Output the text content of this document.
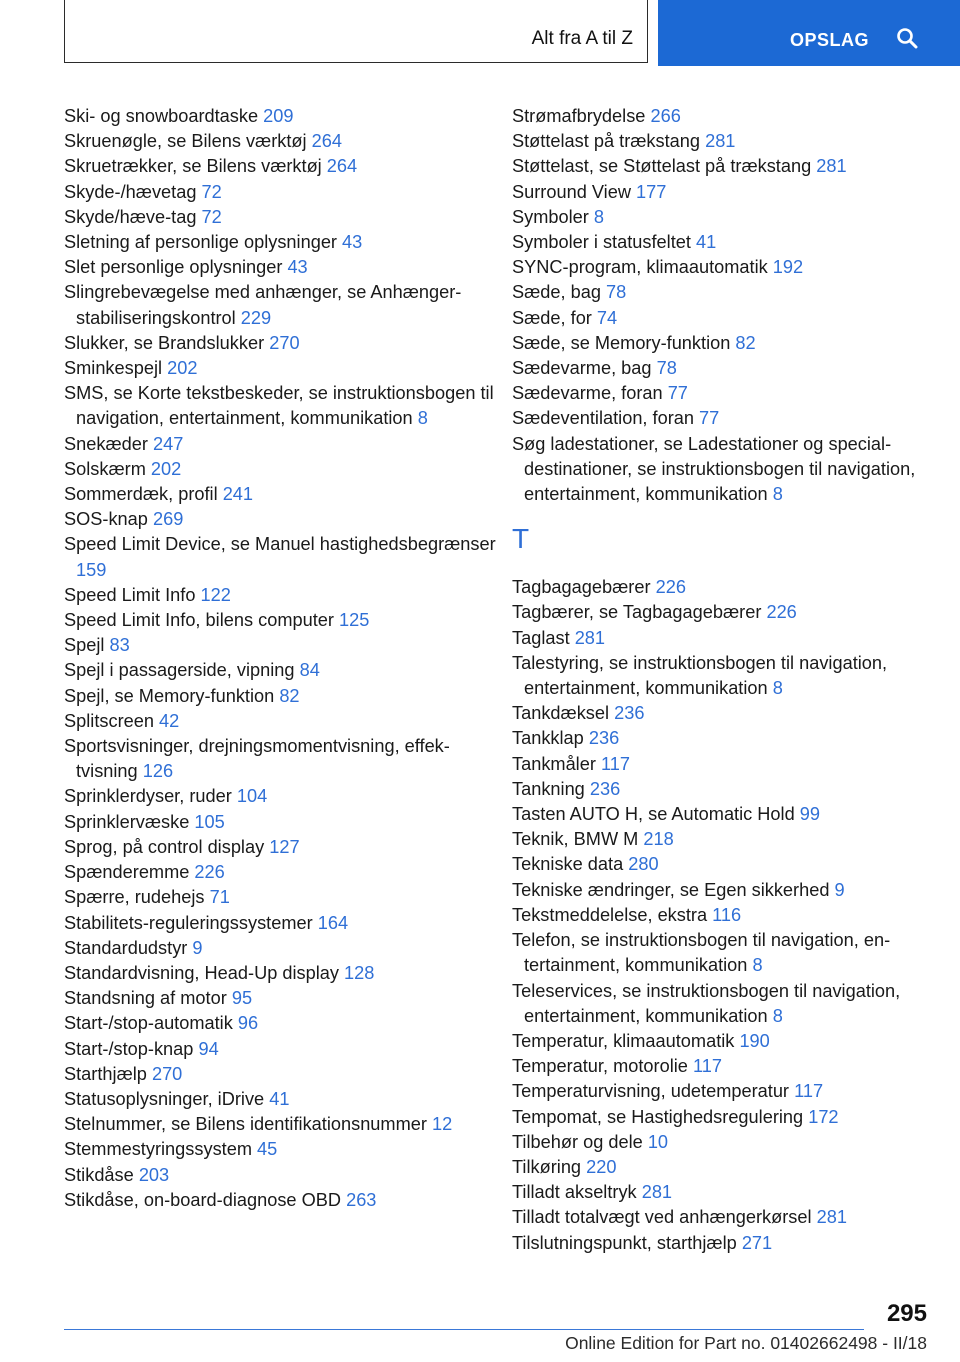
Alt fra A til Z	OPSLAG
Ski- og snowboardtaske 209
Skruenøgle, se Bilens værktøj 264
Skruetrækker, se Bilens værktøj 264
Skyde-/hævetag 72
Skyde/hæve-tag 72
Sletning af personlige oplysninger 43
Slet personlige oplysninger 43
Slingrebevægelse med anhænger, se Anhænger-stabiliseringskontrol 229
Slukker, se Brandslukker 270
Sminkespejl 202
SMS, se Korte tekstbeskeder, se instruktionsbogen til navigation, entertainment, kommunikation 8
Snekæder 247
Solskærm 202
Sommerdæk, profil 241
SOS-knap 269
Speed Limit Device, se Manuel hastighedsbegrænser 159
Speed Limit Info 122
Speed Limit Info, bilens computer 125
Spejl 83
Spejl i passagerside, vipning 84
Spejl, se Memory-funktion 82
Splitscreen 42
Sportsvisninger, drejningsmomentvisning, effektvisning 126
Sprinklerdyser, ruder 104
Sprinklervæske 105
Sprog, på control display 127
Spænderemme 226
Spærre, rudehejs 71
Stabilitets-reguleringssystemer 164
Standardudstyr 9
Standardvisning, Head-Up display 128
Standsning af motor 95
Start-/stop-automatik 96
Start-/stop-knap 94
Starthjælp 270
Statusoplysninger, iDrive 41
Stelnummer, se Bilens identifikationsnummer 12
Stemmestyringssystem 45
Stikdåse 203
Stikdåse, on-board-diagnose OBD 263
Strømafbrydelse 266
Støttelast på trækstang 281
Støttelast, se Støttelast på trækstang 281
Surround View 177
Symboler 8
Symboler i statusfeltet 41
SYNC-program, klimaautomatik 192
Sæde, bag 78
Sæde, for 74
Sæde, se Memory-funktion 82
Sædevarme, bag 78
Sædevarme, foran 77
Sædeventilation, foran 77
Søg ladestationer, se Ladestationer og specialdestinationer, se instruktionsbogen til navigation, entertainment, kommunikation 8
T
Tagbagagebærer 226
Tagbærer, se Tagbagagebærer 226
Taglast 281
Talestyring, se instruktionsbogen til navigation, entertainment, kommunikation 8
Tankdæksel 236
Tankklap 236
Tankmåler 117
Tankning 236
Tasten AUTO H, se Automatic Hold 99
Teknik, BMW M 218
Tekniske data 280
Tekniske ændringer, se Egen sikkerhed 9
Tekstmeddelelse, ekstra 116
Telefon, se instruktionsbogen til navigation, entertainment, kommunikation 8
Teleservices, se instruktionsbogen til navigation, entertainment, kommunikation 8
Temperatur, klimaautomatik 190
Temperatur, motorolie 117
Temperaturvisning, udetemperatur 117
Tempomat, se Hastighedsregulering 172
Tilbehør og dele 10
Tilkøring 220
Tilladt akseltryk 281
Tilladt totalvægt ved anhængerkørsel 281
Tilslutningspunkt, starthjælp 271
295
Online Edition for Part no. 01402662498 - II/18
